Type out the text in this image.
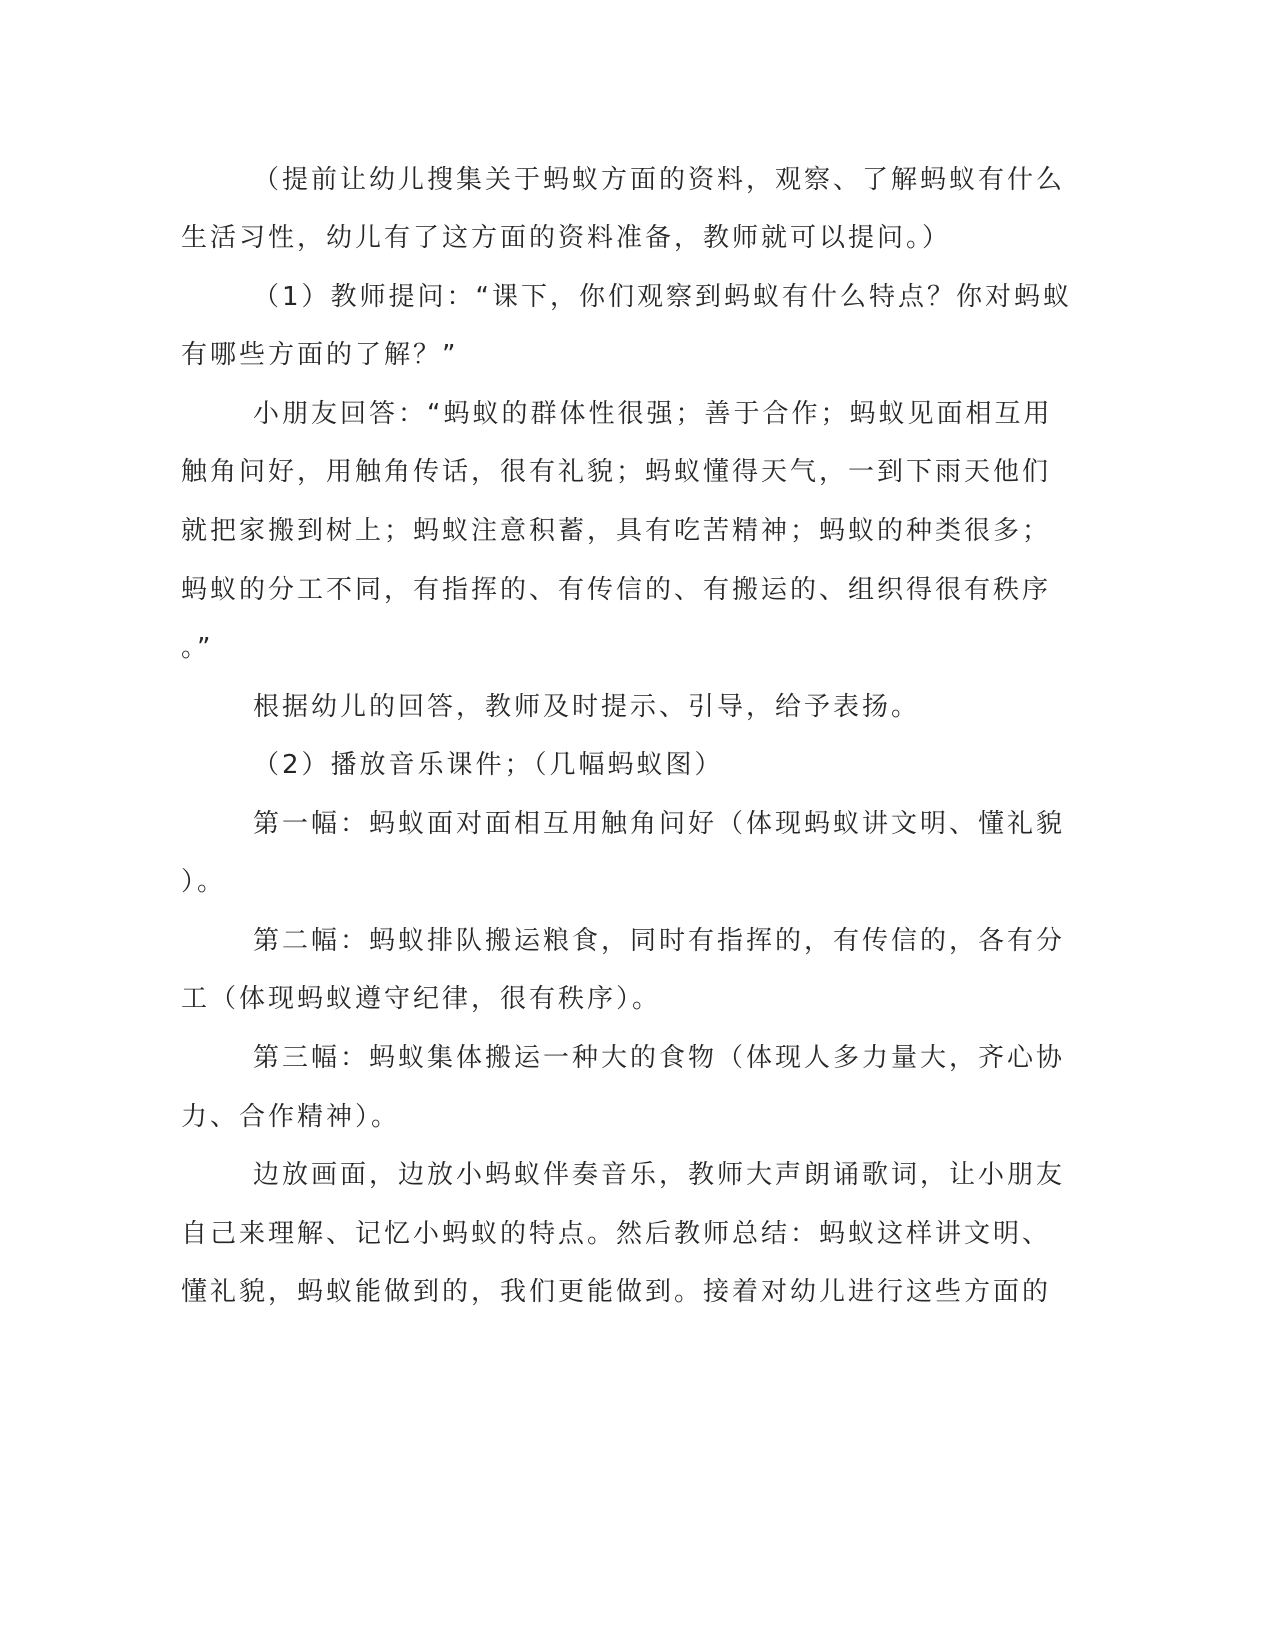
（提前让幼儿搜集关于蚂蚁方面的资料，观察、了解蚂蚁有什么
生活习性，幼儿有了这方面的资料准备，教师就可以提问。）
（1）教师提问：“课下，你们观察到蚂蚁有什么特点？你对蚂蚁
有哪些方面的了解？”
小朋友回答：“蚂蚁的群体性很强；善于合作；蚂蚁见面相互用
触角问好，用触角传话，很有礼貌；蚂蚁懂得天气，一到下雨天他们
就把家搬到树上；蚂蚁注意积蓄，具有吃苦精神；蚂蚁的种类很多；
蚂蚁的分工不同，有指挥的、有传信的、有搬运的、组织得很有秩序
。”
根据幼儿的回答，教师及时提示、引导，给予表扬。
（2）播放音乐课件；（几幅蚂蚁图）
第一幅：蚂蚁面对面相互用触角问好（体现蚂蚁讲文明、懂礼貌
）。
第二幅：蚂蚁排队搬运粮食，同时有指挥的，有传信的，各有分
工（体现蚂蚁遵守纪律，很有秩序）。
第三幅：蚂蚁集体搬运一种大的食物（体现人多力量大，齐心协
力、合作精神）。
边放画面，边放小蚂蚁伴奏音乐，教师大声朗诵歌词，让小朋友
自己来理解、记忆小蚂蚁的特点。然后教师总结：蚂蚁这样讲文明、
懂礼貌，蚂蚁能做到的，我们更能做到。接着对幼儿进行这些方面的
